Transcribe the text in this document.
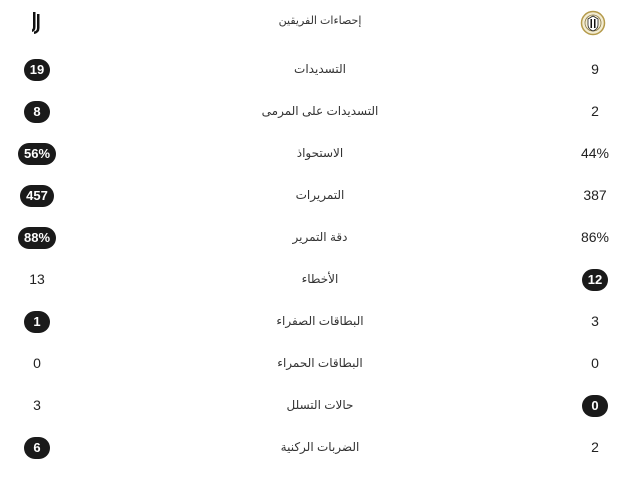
إحصاءات الفريقين
19	التسديدات	9
8	التسديدات على المرمى	2
56%	الاستحواذ	44%
457	التمريرات	387
88%	دقة التمرير	86%
13	الأخطاء	12
1	البطاقات الصفراء	3
0	البطاقات الحمراء	0
3	حالات التسلل	0
6	الضربات الركنية	2
